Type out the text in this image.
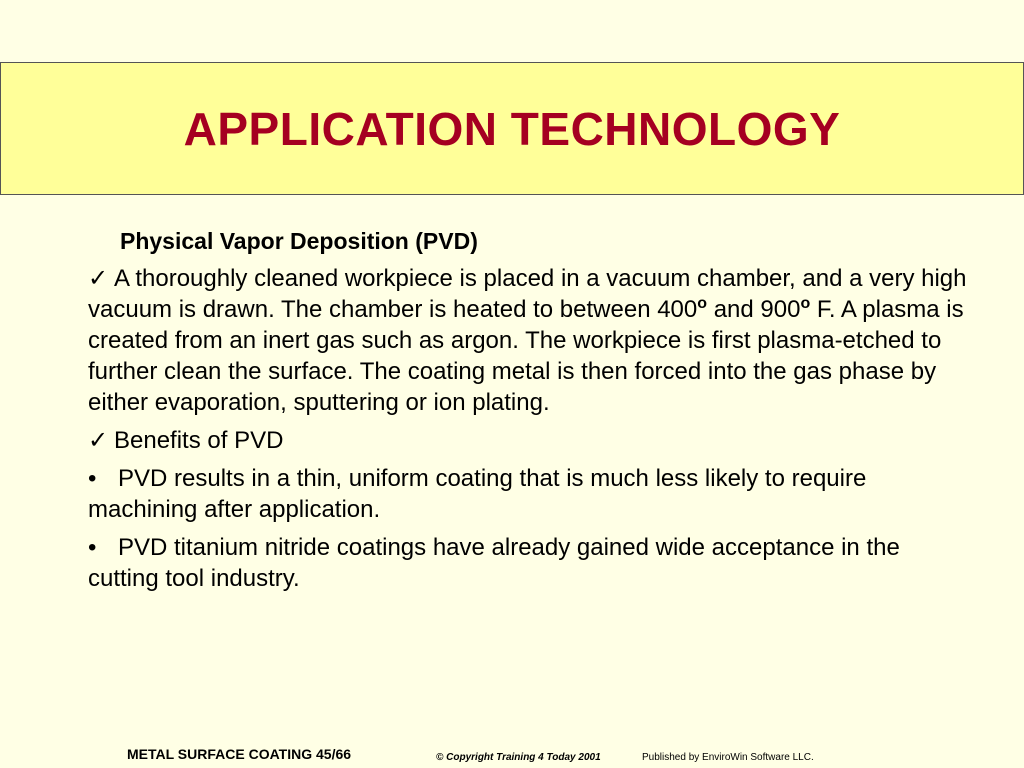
APPLICATION TECHNOLOGY
Physical Vapor Deposition (PVD)
✓ A thoroughly cleaned workpiece is placed in a vacuum chamber, and a very high vacuum is drawn. The chamber is heated to between 400$^o$ and 900$^o$ F. A plasma is created from an inert gas such as argon. The workpiece is first plasma-etched to further clean the surface. The coating metal is then forced into the gas phase by either evaporation, sputtering or ion plating.
✓ Benefits of PVD
• PVD results in a thin, uniform coating that is much less likely to require machining after application.
• PVD titanium nitride coatings have already gained wide acceptance in the cutting tool industry.
METAL SURFACE COATING 45/66	© Copyright Training 4 Today 2001	Published by EnviroWin Software LLC.
